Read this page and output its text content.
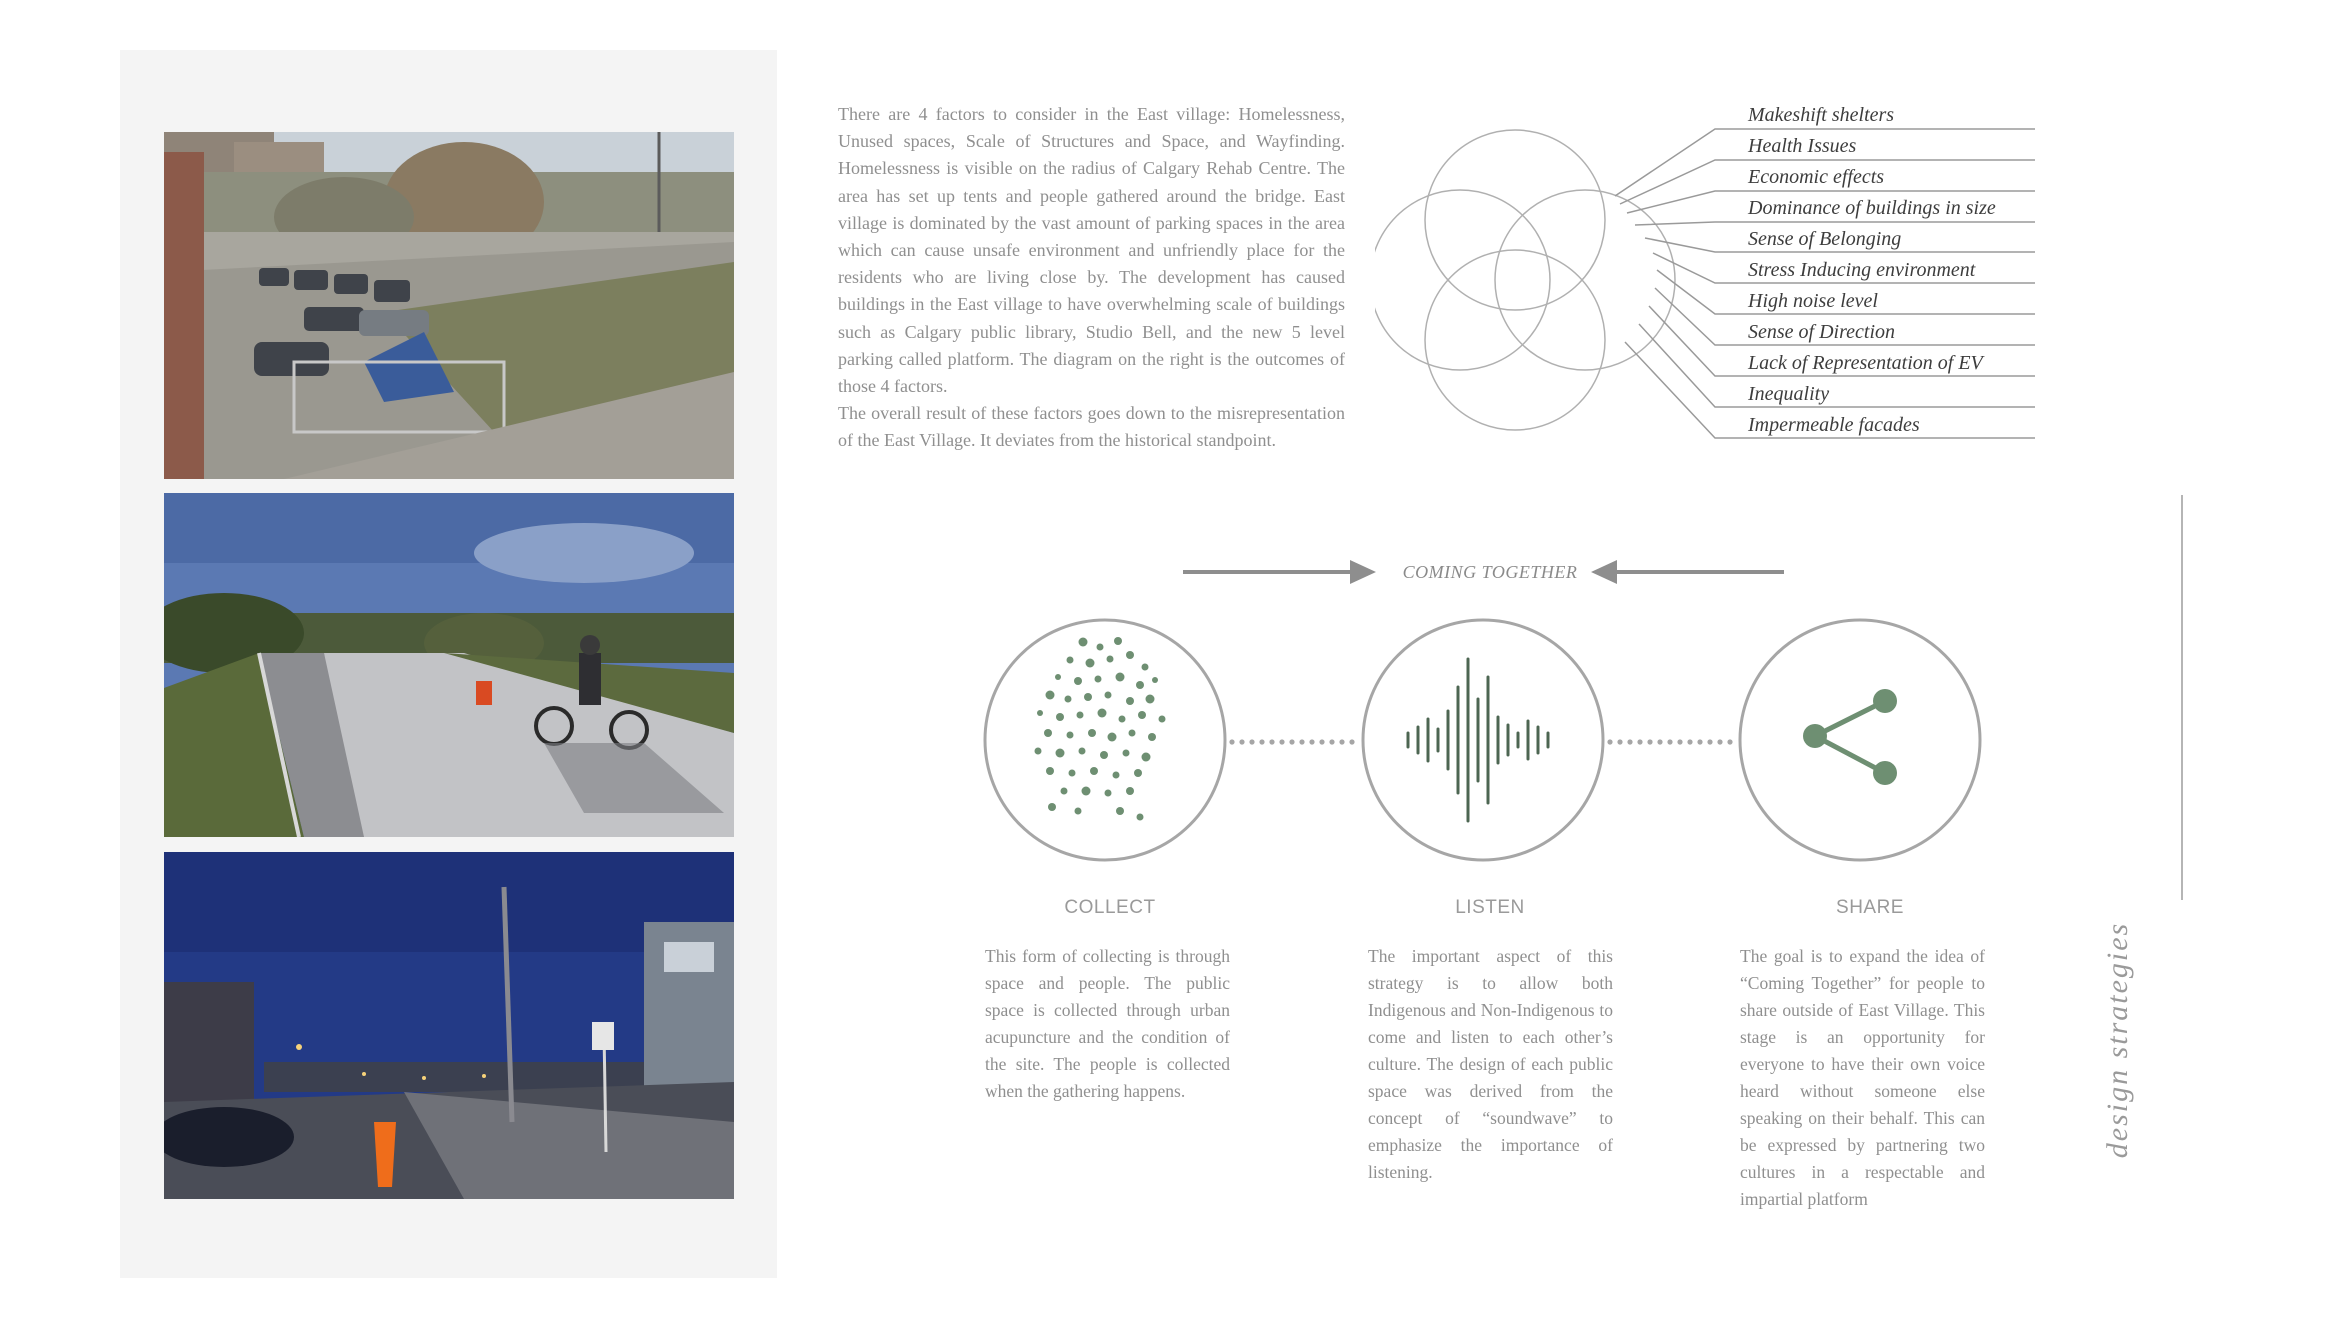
There are 4 factors to consider in the East village: Homelessness, Unused spaces, Scale of Structures and Space, and Wayfinding. Homelessness is visible on the radius of Calgary Rehab Centre. The area has set up tents and people gathered around the bridge. East village is dominated by the vast amount of parking spaces in the area which can cause unsafe environment and unfriendly place for the residents who are living close by. The development has caused buildings in the East village to have overwhelming scale of buildings such as Calgary public library, Studio Bell, and the new 5 level parking called platform. The diagram on the right is the outcomes of those 4 factors.

The overall result of these factors goes down to the misrepresentation of the East Village. It deviates from the historical standpoint.

Makeshift shelters
Health Issues
Economic effects
Dominance of buildings in size
Sense of Belonging
Stress Inducing environment
High noise level
Sense of Direction
Lack of Representation of EV
Inequality
Impermeable facades
COMING TOGETHER
COLLECT	LISTEN	SHARE

This form of collecting is through space and people. The public space is collected through urban acupuncture and the condition of the site. The people is collected when the gathering happens.

The important aspect of this strategy is to allow both Indigenous and Non-Indigenous to come and listen to each other’s culture. The design of each public space was derived from the concept of “soundwave” to emphasize the importance of listening.

The goal is to expand the idea of “Coming Together” for people to share outside of East Village. This stage is an opportunity for everyone to have their own voice heard without someone else speaking on their behalf. This can be expressed by partnering two cultures in a respectable and impartial platform

design strategies
